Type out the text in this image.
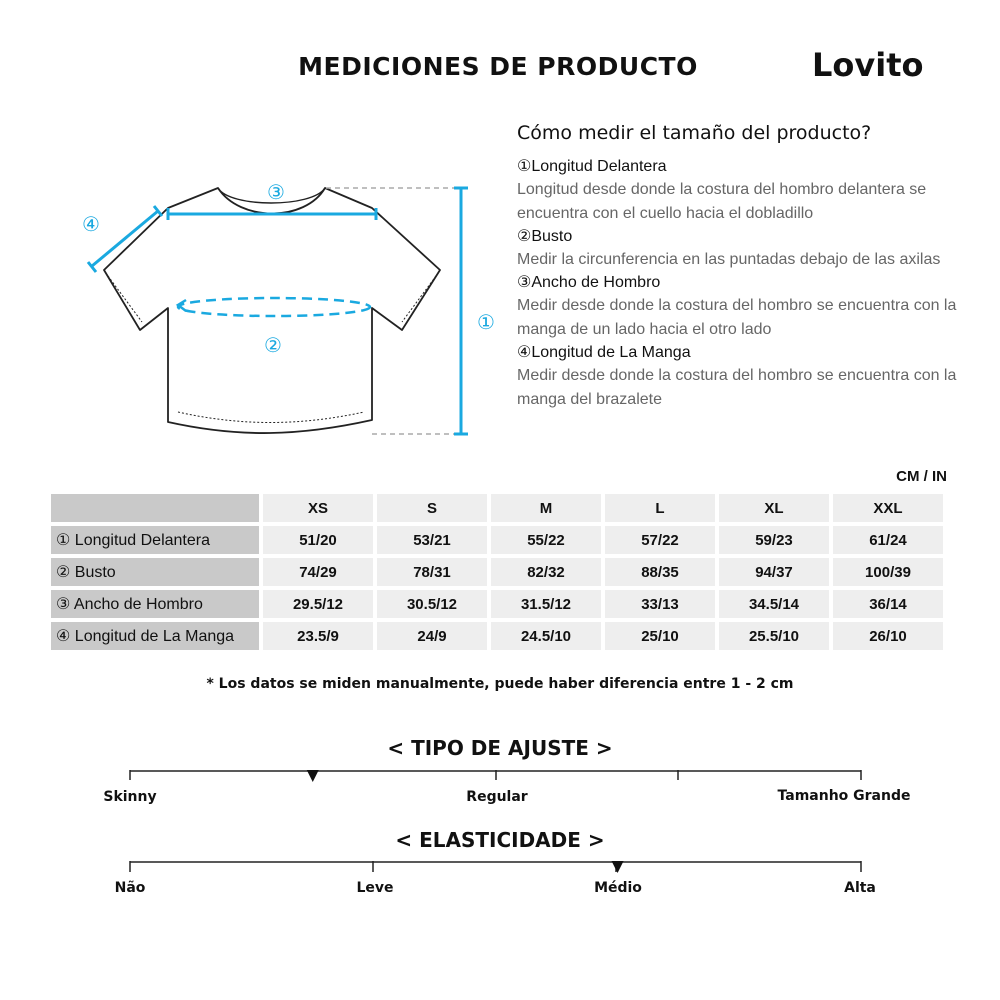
MEDICIONES DE PRODUCTO	Lovito
①
②
③
④

Cómo medir el tamaño del producto?

①Longitud Delantera

Longitud desde donde la costura del hombro delantera se encuentra con el cuello hacia el dobladillo

②Busto

Medir la circunferencia en las puntadas debajo de las axilas

③Ancho de Hombro

Medir desde donde la costura del hombro se encuentra con la manga de un lado hacia el otro lado

④Longitud de La Manga

Medir desde donde la costura del hombro se encuentra con la manga del brazalete

CM / IN
	XS	S	M	L	XL	XXL
① Longitud Delantera	51/20	53/21	55/22	57/22	59/23	61/24
② Busto	74/29	78/31	82/32	88/35	94/37	100/39
③ Ancho de Hombro	29.5/12	30.5/12	31.5/12	33/13	34.5/14	36/14
④ Longitud de La Manga	23.5/9	24/9	24.5/10	25/10	25.5/10	26/10
* Los datos se miden manualmente, puede haber diferencia entre 1 - 2 cm
< TIPO DE AJUSTE >
Skinny	Regular	Tamanho Grande
< ELASTICIDADE >
Não	Leve	Médio	Alta
